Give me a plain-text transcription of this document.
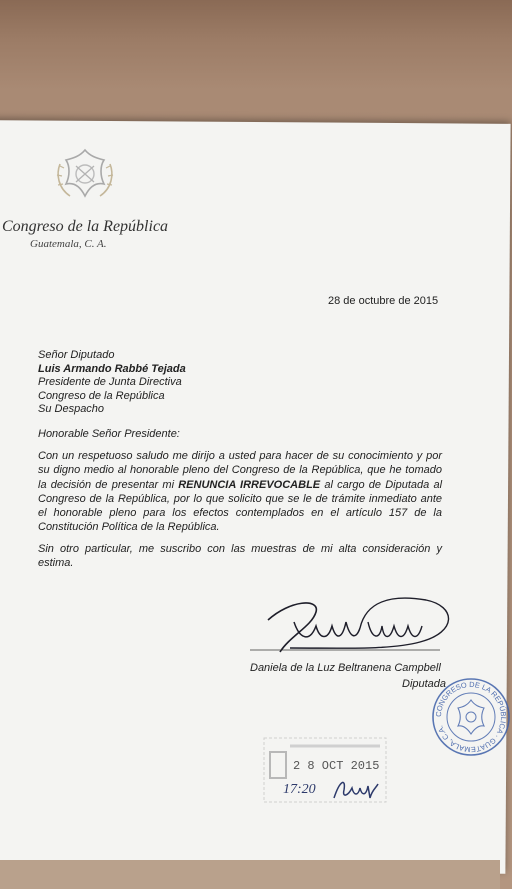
Congreso de la República
Guatemala, C. A.
28 de octubre de 2015
Señor Diputado
Luis Armando Rabbé Tejada
Presidente de Junta Directiva
Congreso de la República
Su Despacho
Honorable Señor Presidente:
Con un respetuoso saludo me dirijo a usted para hacer de su conocimiento y por su digno medio al honorable pleno del Congreso de la República, que he tomado la decisión de presentar mi RENUNCIA IRREVOCABLE al cargo de Diputada al Congreso de la República, por lo que solicito que se le de trámite inmediato ante el honorable pleno para los efectos contemplados en el artículo 157 de la Constitución Política de la República.
Sin otro particular, me suscribo con las muestras de mi alta consideración y estima.
Daniela de la Luz Beltranena Campbell
Diputada
CONGRESO DE LA REPÚBLICA · GUATEMALA, C.A.
2 8 OCT 2015
17:20
